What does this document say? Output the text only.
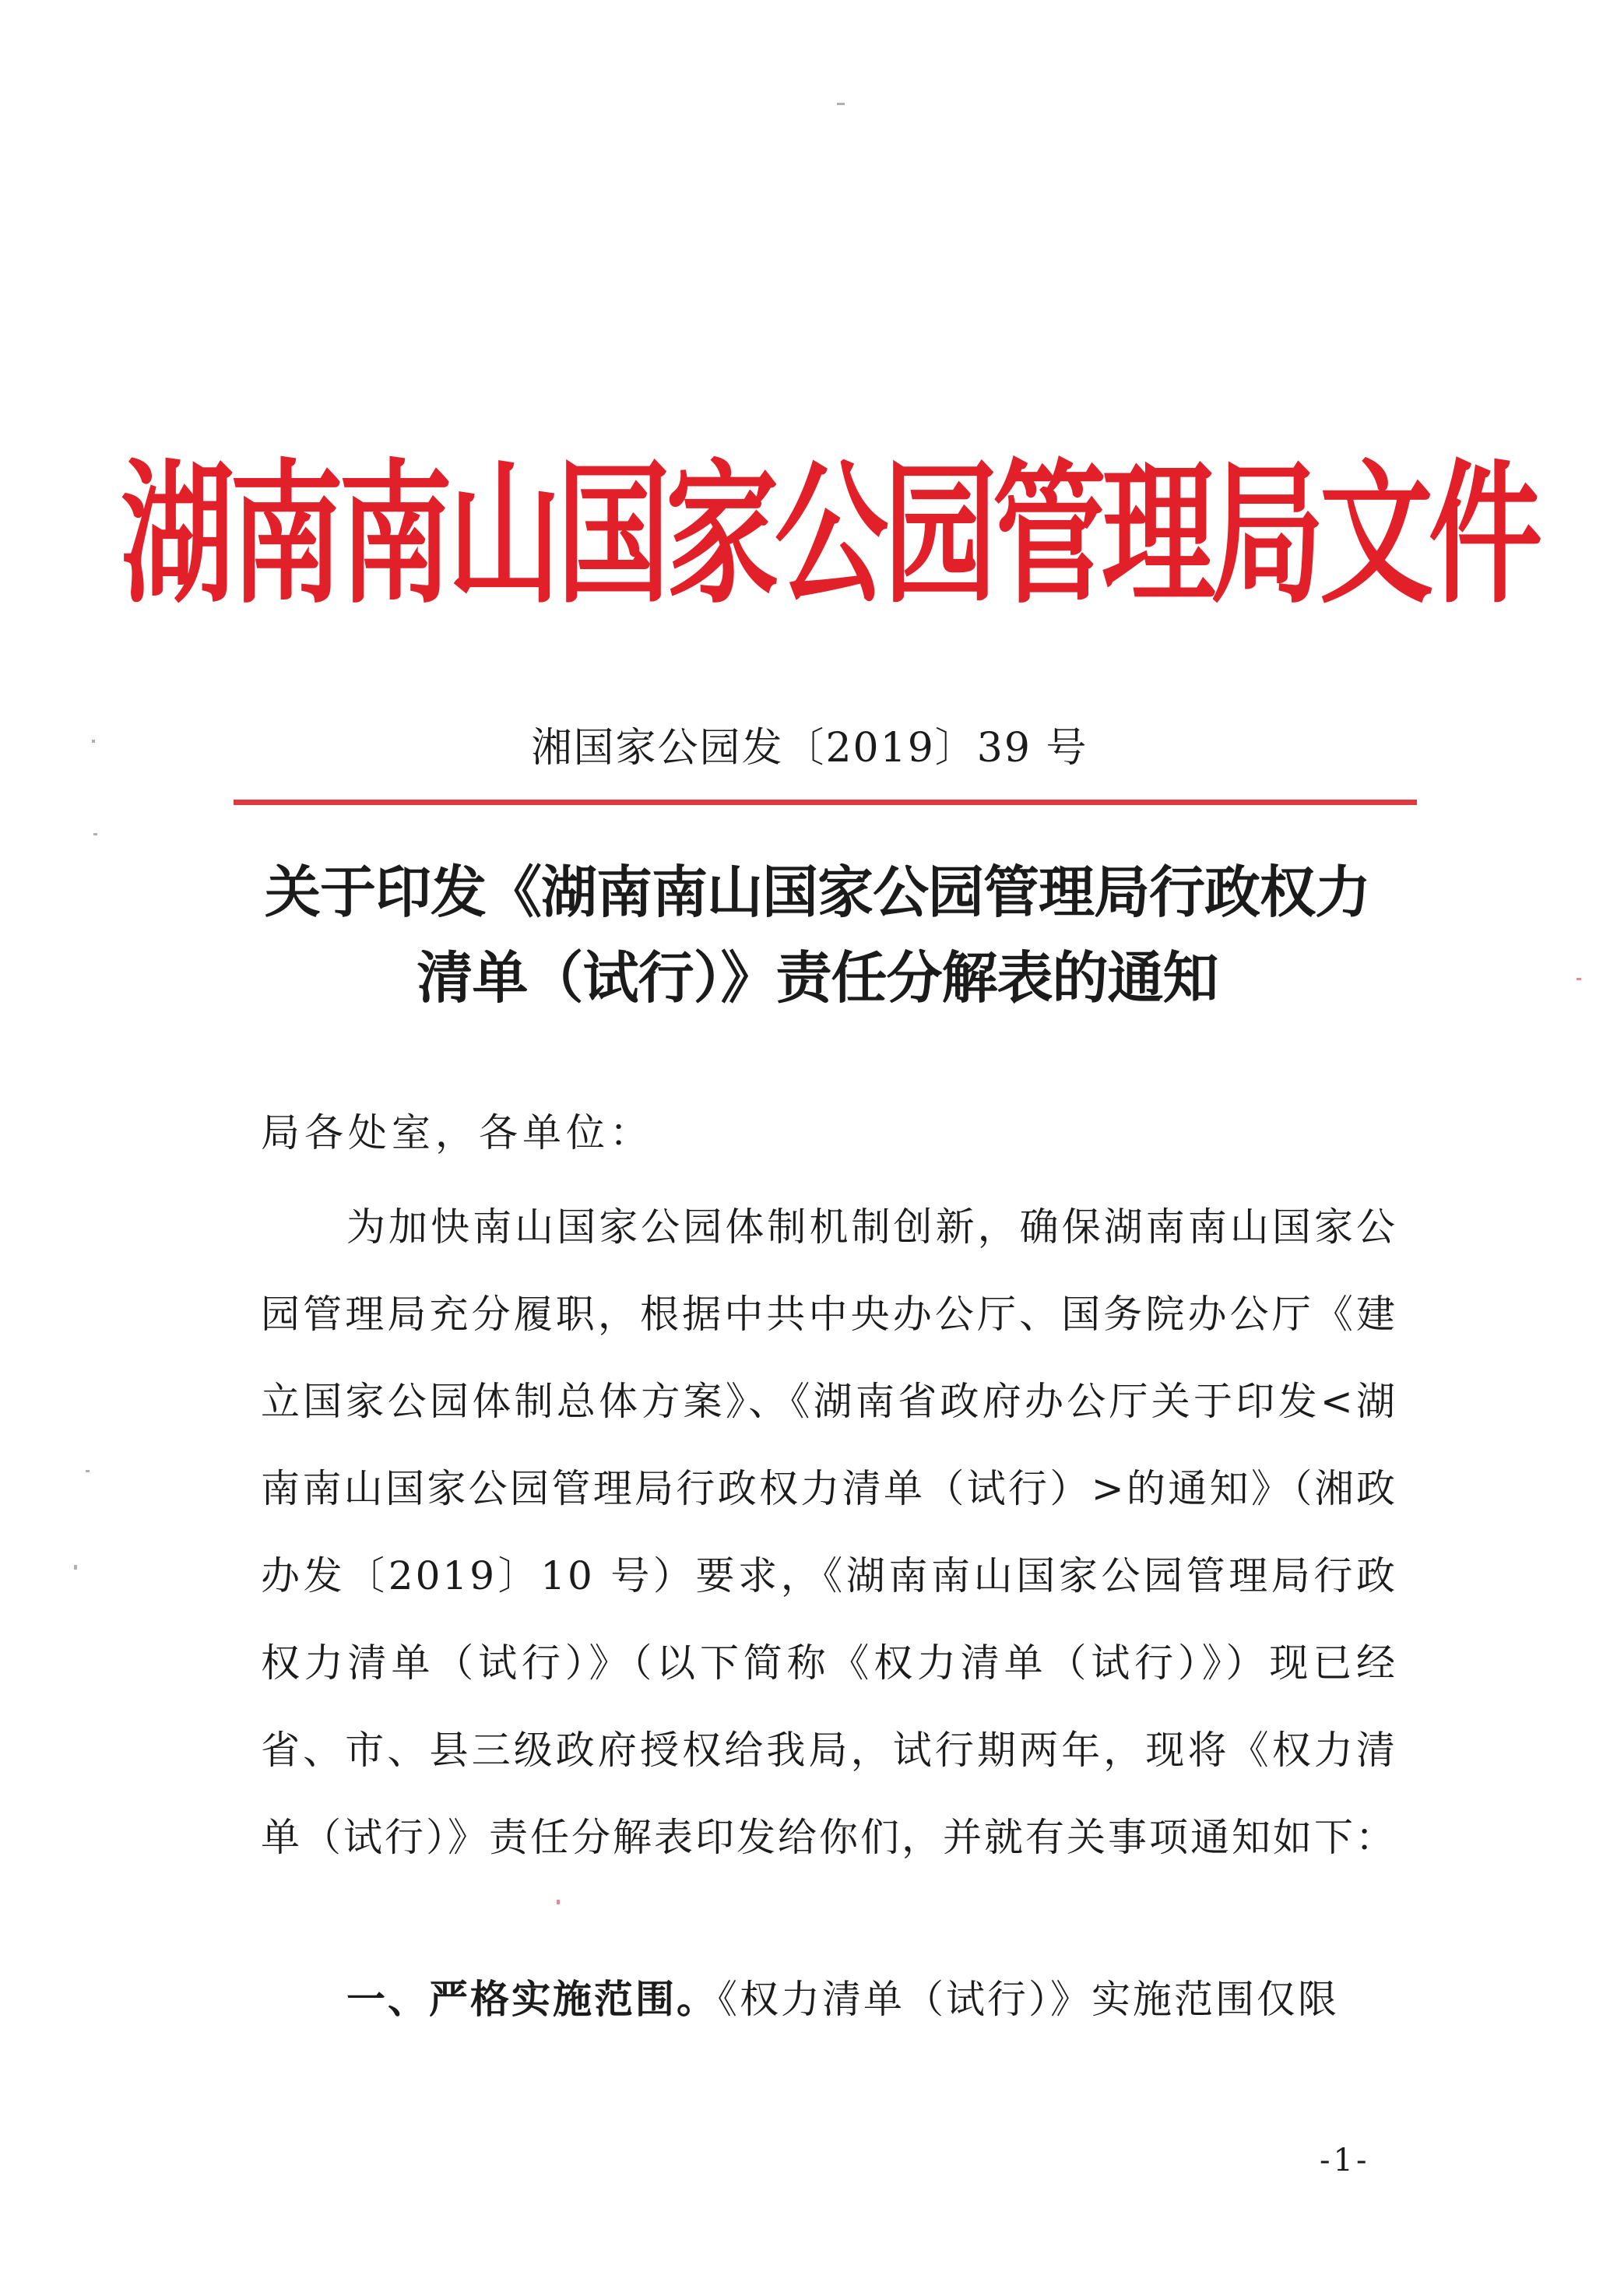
湖南南山国家公园管理局文件
湘国家公园发〔2019〕39 号
关于印发《湖南南山国家公园管理局行政权力
清单（试行）》责任分解表的通知
局各处室，各单位：

为加快南山国家公园体制机制创新，确保湖南南山国家公园管理局充分履职，根据中共中央办公厅、国务院办公厅《建立国家公园体制总体方案》、《湖南省政府办公厅关于印发<湖南南山国家公园管理局行政权力清单（试行）>的通知》（湘政办发〔2019〕10 号）要求，《湖南南山国家公园管理局行政权力清单（试行）》（以下简称《权力清单（试行）》）现已经省、市、县三级政府授权给我局，试行期两年，现将《权力清单（试行）》责任分解表印发给你们，并就有关事项通知如下：

一、严格实施范围。《权力清单（试行）》实施范围仅限
-1-
